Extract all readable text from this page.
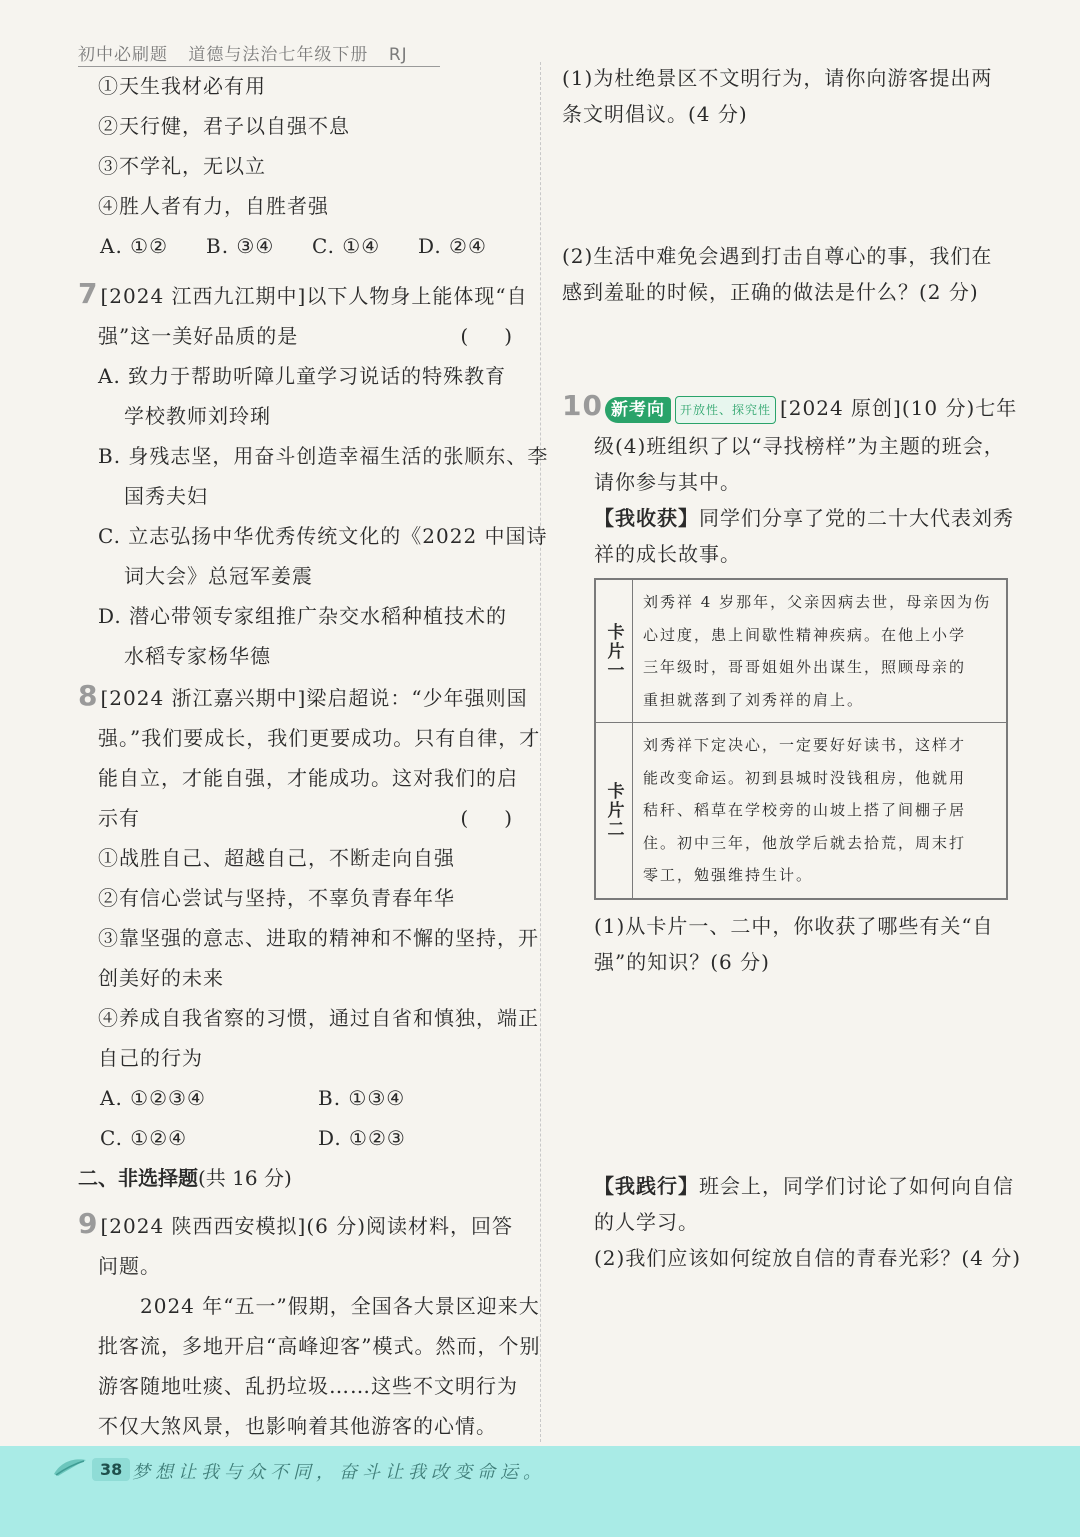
初中必刷题 道德与法治七年级下册 RJ
①天生我材必有用
②天行健，君子以自强不息
③不学礼，无以立
④胜人者有力，自胜者强
A. ①②	B. ③④	C. ①④	D. ②④
7 [2024 江西九江期中]以下人物身上能体现“自
强”这一美好品质的是	(　)
A. 致力于帮助听障儿童学习说话的特殊教育
学校教师刘玲琍
B. 身残志坚，用奋斗创造幸福生活的张顺东、李
国秀夫妇
C. 立志弘扬中华优秀传统文化的《2022 中国诗
词大会》总冠军姜震
D. 潜心带领专家组推广杂交水稻种植技术的
水稻专家杨华德
8 [2024 浙江嘉兴期中]梁启超说：“少年强则国
强。”我们要成长，我们更要成功。只有自律，才
能自立，才能自强，才能成功。这对我们的启
示有	(　)
①战胜自己、超越自己，不断走向自强
②有信心尝试与坚持，不辜负青春年华
③靠坚强的意志、进取的精神和不懈的坚持，开
创美好的未来
④养成自我省察的习惯，通过自省和慎独，端正
自己的行为
A. ①②③④	B. ①③④
C. ①②④	D. ①②③
二、非选择题(共 16 分)
9 [2024 陕西西安模拟](6 分)阅读材料，回答
问题。
2024 年“五一”假期，全国各大景区迎来大
批客流，多地开启“高峰迎客”模式。然而，个别
游客随地吐痰、乱扔垃圾……这些不文明行为
不仅大煞风景，也影响着其他游客的心情。
(1)为杜绝景区不文明行为，请你向游客提出两
条文明倡议。(4 分)
(2)生活中难免会遇到打击自尊心的事，我们在
感到羞耻的时候，正确的做法是什么？(2 分)
10 新考向 开放性、探究性 [2024 原创](10 分)七年
级(4)班组织了以“寻找榜样”为主题的班会，
请你参与其中。
【我收获】同学们分享了党的二十大代表刘秀
祥的成长故事。
卡片一
刘秀祥 4 岁那年，父亲因病去世，母亲因为伤
心过度，患上间歇性精神疾病。在他上小学
三年级时，哥哥姐姐外出谋生，照顾母亲的
重担就落到了刘秀祥的肩上。
卡片二
刘秀祥下定决心，一定要好好读书，这样才
能改变命运。初到县城时没钱租房，他就用
秸秆、稻草在学校旁的山坡上搭了间棚子居
住。初中三年，他放学后就去拾荒，周末打
零工，勉强维持生计。
(1)从卡片一、二中，你收获了哪些有关“自
强”的知识？(6 分)
【我践行】班会上，同学们讨论了如何向自信
的人学习。
(2)我们应该如何绽放自信的青春光彩？(4 分)
38 梦想让我与众不同，奋斗让我改变命运。
